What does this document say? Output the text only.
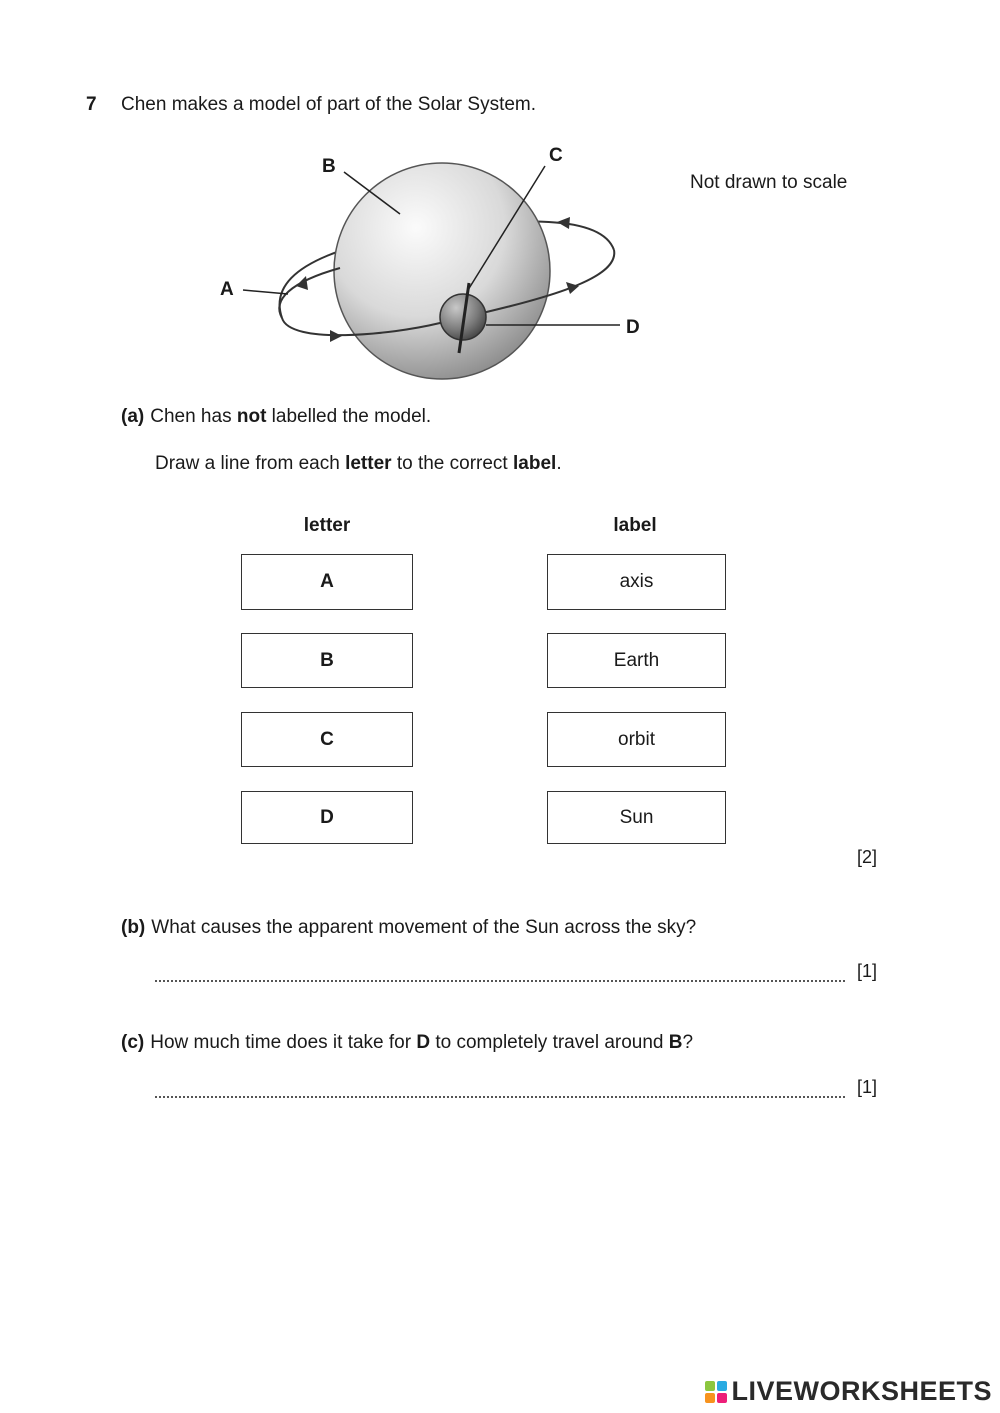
7 Chen makes a model of part of the Solar System.
Not drawn to scale
B
C
A
D
(a) Chen has not labelled the model.
Draw a line from each letter to the correct label.
letter	label
A
B
C
D
axis
Earth
orbit
Sun
[2]
(b) What causes the apparent movement of the Sun across the sky?
[1]
(c) How much time does it take for D to completely travel around B?
[1]
LIVEWORKSHEETS
